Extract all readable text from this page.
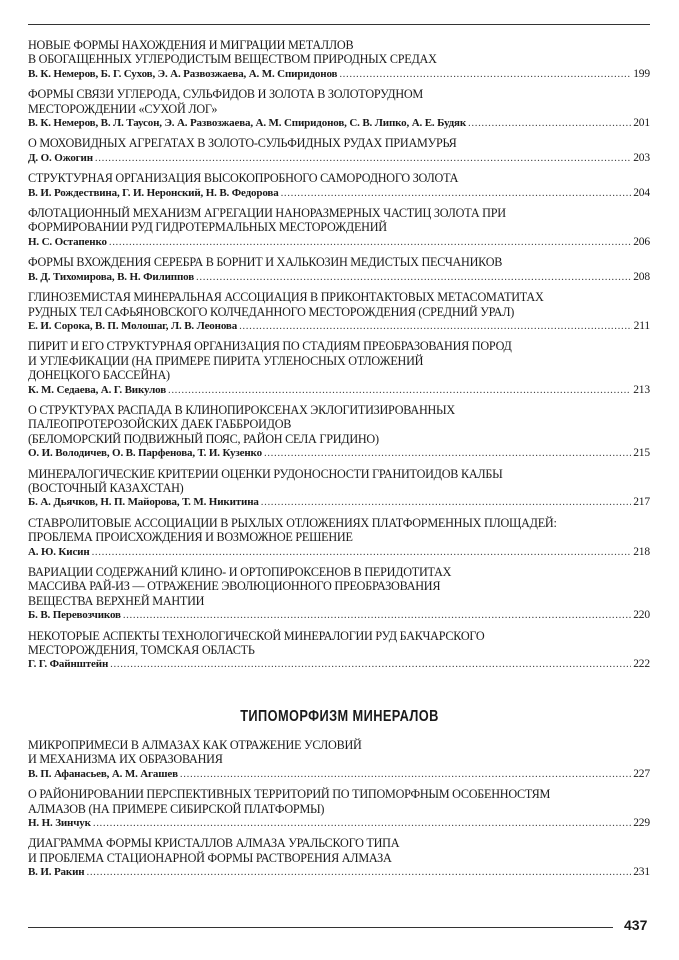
НОВЫЕ ФОРМЫ НАХОЖДЕНИЯ И МИГРАЦИИ МЕТАЛЛОВ
В ОБОГАЩЕННЫХ УГЛЕРОДИСТЫМ ВЕЩЕСТВОМ ПРИРОДНЫХ СРЕДАХ
В. К. Немеров, Б. Г. Сухов, Э. А. Развозжаева, А. М. Спиридонов .....	199
ФОРМЫ СВЯЗИ УГЛЕРОДА, СУЛЬФИДОВ И ЗОЛОТА В ЗОЛОТОРУДНОМ
МЕСТОРОЖДЕНИИ «СУХОЙ ЛОГ»
В. К. Немеров, В. Л. Таусон, Э. А. Развозжаева, А. М. Спиридонов, С. В. Липко, А. Е. Будяк .....	201
О МОХОВИДНЫХ АГРЕГАТАХ В ЗОЛОТО-СУЛЬФИДНЫХ РУДАХ ПРИАМУРЬЯ
Д. О. Ожогин .....	203
СТРУКТУРНАЯ ОРГАНИЗАЦИЯ ВЫСОКОПРОБНОГО САМОРОДНОГО ЗОЛОТА
В. И. Рождествина, Г. И. Неронский, Н. В. Федорова .....	204
ФЛОТАЦИОННЫЙ МЕХАНИЗМ АГРЕГАЦИИ НАНОРАЗМЕРНЫХ ЧАСТИЦ ЗОЛОТА ПРИ
ФОРМИРОВАНИИ РУД ГИДРОТЕРМАЛЬНЫХ МЕСТОРОЖДЕНИЙ
Н. С. Остапенко .....	206
ФОРМЫ ВХОЖДЕНИЯ СЕРЕБРА В БОРНИТ И ХАЛЬКОЗИН МЕДИСТЫХ ПЕСЧАНИКОВ
В. Д. Тихомирова, В. Н. Филиппов .....	208
ГЛИНОЗЕМИСТАЯ МИНЕРАЛЬНАЯ АССОЦИАЦИЯ В ПРИКОНТАКТОВЫХ МЕТАСОМАТИТАХ
РУДНЫХ ТЕЛ САФЬЯНОВСКОГО КОЛЧЕДАННОГО МЕСТОРОЖДЕНИЯ (СРЕДНИЙ УРАЛ)
Е. И. Сорока, В. П. Молошаг, Л. В. Леонова .....	211
ПИРИТ И ЕГО СТРУКТУРНАЯ ОРГАНИЗАЦИЯ ПО СТАДИЯМ ПРЕОБРАЗОВАНИЯ ПОРОД
И УГЛЕФИКАЦИИ (НА ПРИМЕРЕ ПИРИТА УГЛЕНОСНЫХ ОТЛОЖЕНИЙ
ДОНЕЦКОГО БАССЕЙНА)
К. М. Седаева, А. Г. Викулов .....	213
О СТРУКТУРАХ РАСПАДА В КЛИНОПИРОКСЕНАХ ЭКЛОГИТИЗИРОВАННЫХ
ПАЛЕОПРОТЕРОЗОЙСКИХ ДАЕК ГАББРОИДОВ
(БЕЛОМОРСКИЙ ПОДВИЖНЫЙ ПОЯС, РАЙОН СЕЛА ГРИДИНО)
О. И. Володичев, О. В. Парфенова, Т. И. Кузенко .....	215
МИНЕРАЛОГИЧЕСКИЕ КРИТЕРИИ ОЦЕНКИ РУДОНОСНОСТИ ГРАНИТОИДОВ КАЛБЫ
(ВОСТОЧНЫЙ КАЗАХСТАН)
Б. А. Дьячков, Н. П. Майорова, Т. М. Никитина .....	217
СТАВРОЛИТОВЫЕ АССОЦИАЦИИ В РЫХЛЫХ ОТЛОЖЕНИЯХ ПЛАТФОРМЕННЫХ ПЛОЩАДЕЙ:
ПРОБЛЕМА ПРОИСХОЖДЕНИЯ И ВОЗМОЖНОЕ РЕШЕНИЕ
А. Ю. Кисин .....	218
ВАРИАЦИИ СОДЕРЖАНИЙ КЛИНО- И ОРТОПИРОКСЕНОВ В ПЕРИДОТИТАХ
МАССИВА РАЙ-ИЗ — ОТРАЖЕНИЕ ЭВОЛЮЦИОННОГО ПРЕОБРАЗОВАНИЯ
ВЕЩЕСТВА ВЕРХНЕЙ МАНТИИ
Б. В. Перевозчиков .....	220
НЕКОТОРЫЕ АСПЕКТЫ ТЕХНОЛОГИЧЕСКОЙ МИНЕРАЛОГИИ РУД БАКЧАРСКОГО
МЕСТОРОЖДЕНИЯ, ТОМСКАЯ ОБЛАСТЬ
Г. Г. Файнштейн .....	222
ТИПОМОРФИЗМ МИНЕРАЛОВ
МИКРОПРИМЕСИ В АЛМАЗАХ КАК ОТРАЖЕНИЕ УСЛОВИЙ
И МЕХАНИЗМА ИХ ОБРАЗОВАНИЯ
В. П. Афанасьев, А. М. Агашев .....	227
О РАЙОНИРОВАНИИ ПЕРСПЕКТИВНЫХ ТЕРРИТОРИЙ ПО ТИПОМОРФНЫМ ОСОБЕННОСТЯМ
АЛМАЗОВ (НА ПРИМЕРЕ СИБИРСКОЙ ПЛАТФОРМЫ)
Н. Н. Зинчук .....	229
ДИАГРАММА ФОРМЫ КРИСТАЛЛОВ АЛМАЗА УРАЛЬСКОГО ТИПА
И ПРОБЛЕМА СТАЦИОНАРНОЙ ФОРМЫ РАСТВОРЕНИЯ АЛМАЗА
В. И. Ракин .....	231
437
